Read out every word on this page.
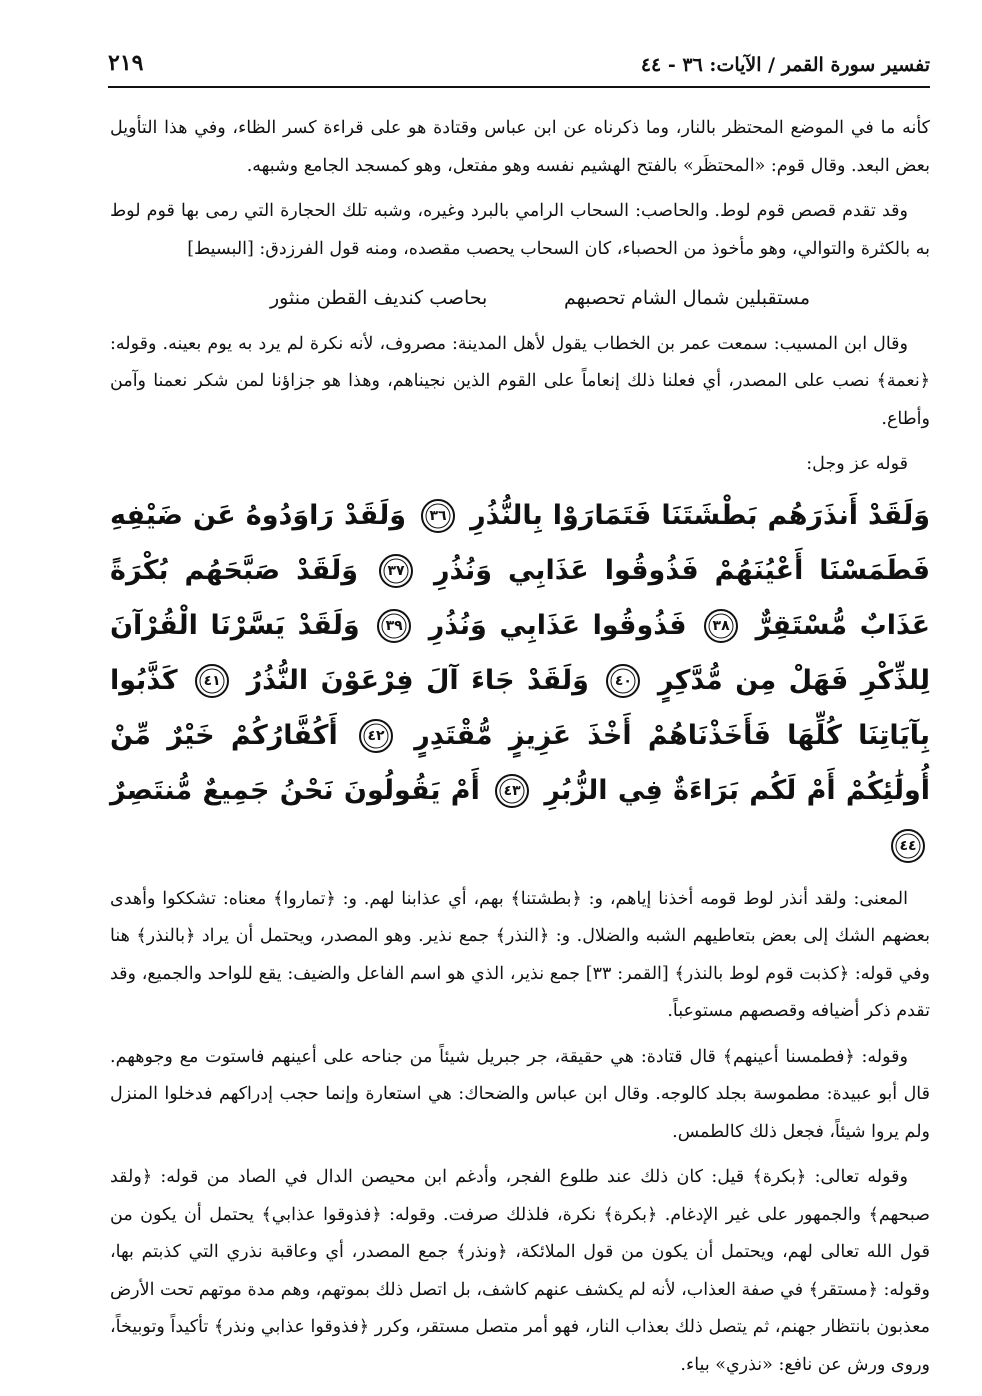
تفسير سورة القمر / الآيات: ٣٦ - ٤٤
٢١٩

كأنه ما في الموضع المحتظر بالنار، وما ذكرناه عن ابن عباس وقتادة هو على قراءة كسر الظاء، وفي هذا التأويل بعض البعد. وقال قوم: «المحتظَر» بالفتح الهشيم نفسه وهو مفتعل، وهو كمسجد الجامع وشبهه.

وقد تقدم قصص قوم لوط. والحاصب: السحاب الرامي بالبرد وغيره، وشبه تلك الحجارة التي رمى بها قوم لوط به بالكثرة والتوالي، وهو مأخوذ من الحصباء، كان السحاب يحصب مقصده، ومنه قول الفرزدق: [البسيط]

مستقبلين شمال الشام تحصبهم
بحاصب كنديف القطن منثور

وقال ابن المسيب: سمعت عمر بن الخطاب يقول لأهل المدينة: مصروف، لأنه نكرة لم يرد به يوم بعينه. وقوله: ﴿نعمة﴾ نصب على المصدر، أي فعلنا ذلك إنعاماً على القوم الذين نجيناهم، وهذا هو جزاؤنا لمن شكر نعمنا وآمن وأطاع.

قوله عز وجل:

وَلَقَدْ أَنذَرَهُم بَطْشَتَنَا فَتَمَارَوْا بِالنُّذُرِ
٣٦
وَلَقَدْ رَاوَدُوهُ عَن ضَيْفِهِ فَطَمَسْنَا أَعْيُنَهُمْ فَذُوقُوا عَذَابِي وَنُذُرِ
٣٧
وَلَقَدْ صَبَّحَهُم بُكْرَةً عَذَابٌ مُّسْتَقِرٌّ
٣٨
فَذُوقُوا عَذَابِي وَنُذُرِ
٣٩
وَلَقَدْ يَسَّرْنَا الْقُرْآنَ لِلذِّكْرِ فَهَلْ مِن مُّدَّكِرٍ
٤٠
وَلَقَدْ جَاءَ آلَ فِرْعَوْنَ النُّذُرُ
٤١
كَذَّبُوا بِآيَاتِنَا كُلِّهَا فَأَخَذْنَاهُمْ أَخْذَ عَزِيزٍ مُّقْتَدِرٍ
٤٢
أَكُفَّارُكُمْ خَيْرٌ مِّنْ أُولَٰئِكُمْ أَمْ لَكُم بَرَاءَةٌ فِي الزُّبُرِ
٤٣
أَمْ يَقُولُونَ نَحْنُ جَمِيعٌ مُّنتَصِرٌ
٤٤

المعنى: ولقد أنذر لوط قومه أخذنا إياهم، و: ﴿بطشتنا﴾ بهم، أي عذابنا لهم. و: ﴿تماروا﴾ معناه: تشككوا وأهدى بعضهم الشك إلى بعض بتعاطيهم الشبه والضلال. و: ﴿النذر﴾ جمع نذير. وهو المصدر، ويحتمل أن يراد ﴿بالنذر﴾ هنا وفي قوله: ﴿كذبت قوم لوط بالنذر﴾ [القمر: ٣٣] جمع نذير، الذي هو اسم الفاعل والضيف: يقع للواحد والجميع، وقد تقدم ذكر أضيافه وقصصهم مستوعباً.

وقوله: ﴿فطمسنا أعينهم﴾ قال قتادة: هي حقيقة، جر جبريل شيئاً من جناحه على أعينهم فاستوت مع وجوههم. قال أبو عبيدة: مطموسة بجلد كالوجه. وقال ابن عباس والضحاك: هي استعارة وإنما حجب إدراكهم فدخلوا المنزل ولم يروا شيئاً، فجعل ذلك كالطمس.

وقوله تعالى: ﴿بكرة﴾ قيل: كان ذلك عند طلوع الفجر، وأدغم ابن محيصن الدال في الصاد من قوله: ﴿ولقد صبحهم﴾ والجمهور على غير الإدغام. ﴿بكرة﴾ نكرة، فلذلك صرفت. وقوله: ﴿فذوقوا عذابي﴾ يحتمل أن يكون من قول الله تعالى لهم، ويحتمل أن يكون من قول الملائكة، ﴿ونذر﴾ جمع المصدر، أي وعاقبة نذري التي كذبتم بها، وقوله: ﴿مستقر﴾ في صفة العذاب، لأنه لم يكشف عنهم كاشف، بل اتصل ذلك بموتهم، وهم مدة موتهم تحت الأرض معذبون بانتظار جهنم، ثم يتصل ذلك بعذاب النار، فهو أمر متصل مستقر، وكرر ﴿فذوقوا عذابي ونذر﴾ تأكيداً وتوبيخاً، وروى ورش عن نافع: «نذري» بياء.
